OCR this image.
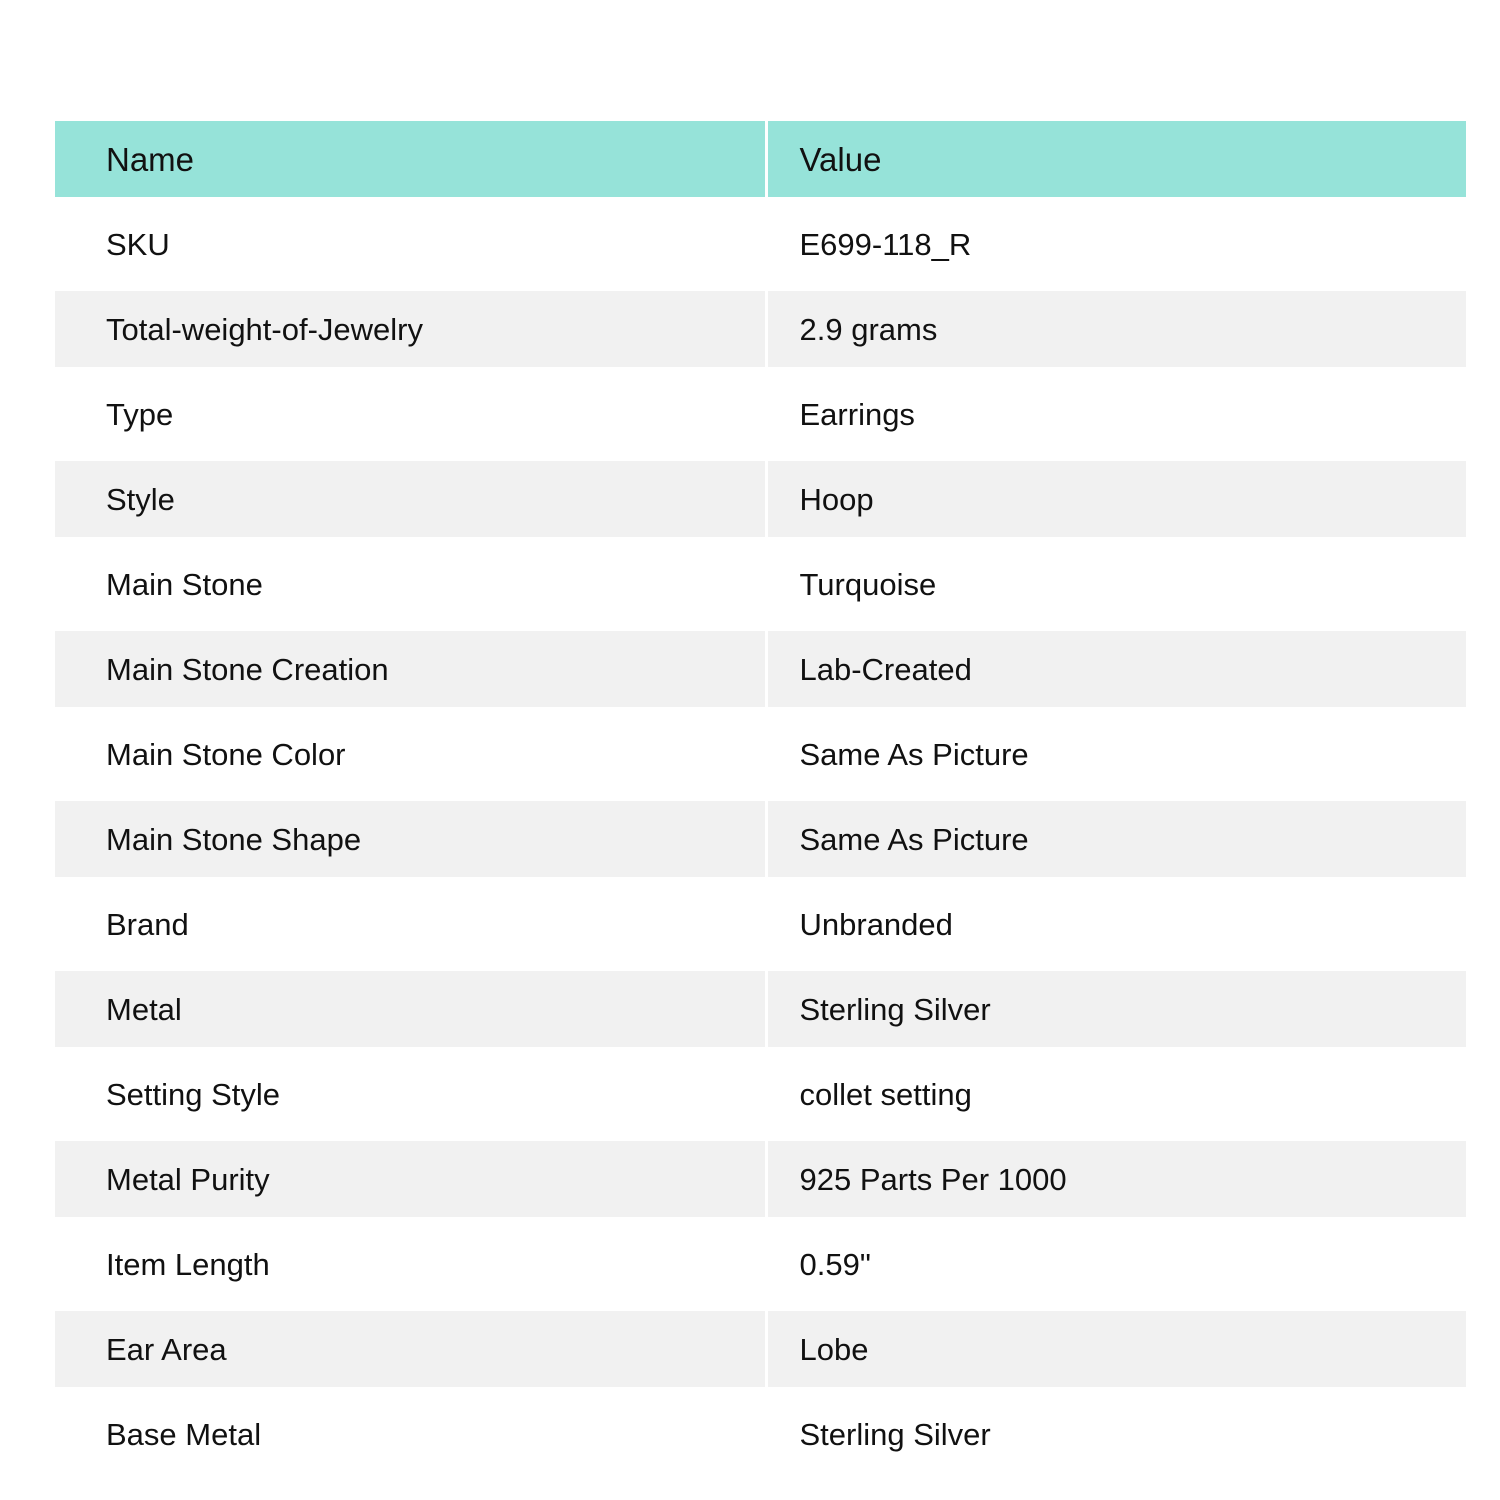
Name	Value
SKU	E699-118_R
Total-weight-of-Jewelry	2.9 grams
Type	Earrings
Style	Hoop
Main Stone	Turquoise
Main Stone Creation	Lab-Created
Main Stone Color	Same As Picture
Main Stone Shape	Same As Picture
Brand	Unbranded
Metal	Sterling Silver
Setting Style	collet setting
Metal Purity	925 Parts Per 1000
Item Length	0.59"
Ear Area	Lobe
Base Metal	Sterling Silver
